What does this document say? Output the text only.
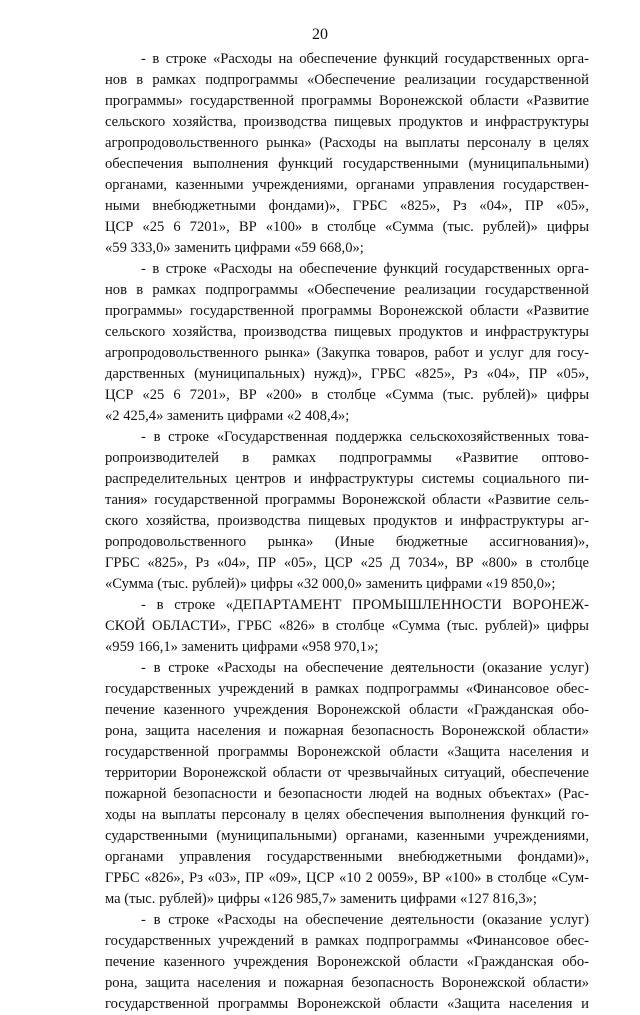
20
- в строке «Расходы на обеспечение функций государственных орга-
нов в рамках подпрограммы «Обеспечение реализации государственной
программы» государственной программы Воронежской области «Развитие
сельского хозяйства, производства пищевых продуктов и инфраструктуры
агропродовольственного рынка» (Расходы на выплаты персоналу в целях
обеспечения выполнения функций государственными (муниципальными)
органами, казенными учреждениями, органами управления государствен-
ными внебюджетными фондами)», ГРБС «825», Рз «04», ПР «05»,
ЦСР «25 6 7201», ВР «100» в столбце «Сумма (тыс. рублей)» цифры
«59 333,0» заменить цифрами «59 668,0»;
- в строке «Расходы на обеспечение функций государственных орга-
нов в рамках подпрограммы «Обеспечение реализации государственной
программы» государственной программы Воронежской области «Развитие
сельского хозяйства, производства пищевых продуктов и инфраструктуры
агропродовольственного рынка» (Закупка товаров, работ и услуг для госу-
дарственных (муниципальных) нужд)», ГРБС «825», Рз «04», ПР «05»,
ЦСР «25 6 7201», ВР «200» в столбце «Сумма (тыс. рублей)» цифры
«2 425,4» заменить цифрами «2 408,4»;
- в строке «Государственная поддержка сельскохозяйственных това-
ропроизводителей в рамках подпрограммы «Развитие оптово-
распределительных центров и инфраструктуры системы социального пи-
тания» государственной программы Воронежской области «Развитие сель-
ского хозяйства, производства пищевых продуктов и инфраструктуры аг-
ропродовольственного рынка» (Иные бюджетные ассигнования)»,
ГРБС «825», Рз «04», ПР «05», ЦСР «25 Д 7034», ВР «800» в столбце
«Сумма (тыс. рублей)» цифры «32 000,0» заменить цифрами «19 850,0»;
- в строке «ДЕПАРТАМЕНТ ПРОМЫШЛЕННОСТИ ВОРОНЕЖ-
СКОЙ ОБЛАСТИ», ГРБС «826» в столбце «Сумма (тыс. рублей)» цифры
«959 166,1» заменить цифрами «958 970,1»;
- в строке «Расходы на обеспечение деятельности (оказание услуг)
государственных учреждений в рамках подпрограммы «Финансовое обес-
печение казенного учреждения Воронежской области «Гражданская обо-
рона, защита населения и пожарная безопасность Воронежской области»
государственной программы Воронежской области «Защита населения и
территории Воронежской области от чрезвычайных ситуаций, обеспечение
пожарной безопасности и безопасности людей на водных объектах» (Рас-
ходы на выплаты персоналу в целях обеспечения выполнения функций го-
сударственными (муниципальными) органами, казенными учреждениями,
органами управления государственными внебюджетными фондами)»,
ГРБС «826», Рз «03», ПР «09», ЦСР «10 2 0059», ВР «100» в столбце «Сум-
ма (тыс. рублей)» цифры «126 985,7» заменить цифрами «127 816,3»;
- в строке «Расходы на обеспечение деятельности (оказание услуг)
государственных учреждений в рамках подпрограммы «Финансовое обес-
печение казенного учреждения Воронежской области «Гражданская обо-
рона, защита населения и пожарная безопасность Воронежской области»
государственной программы Воронежской области «Защита населения и
